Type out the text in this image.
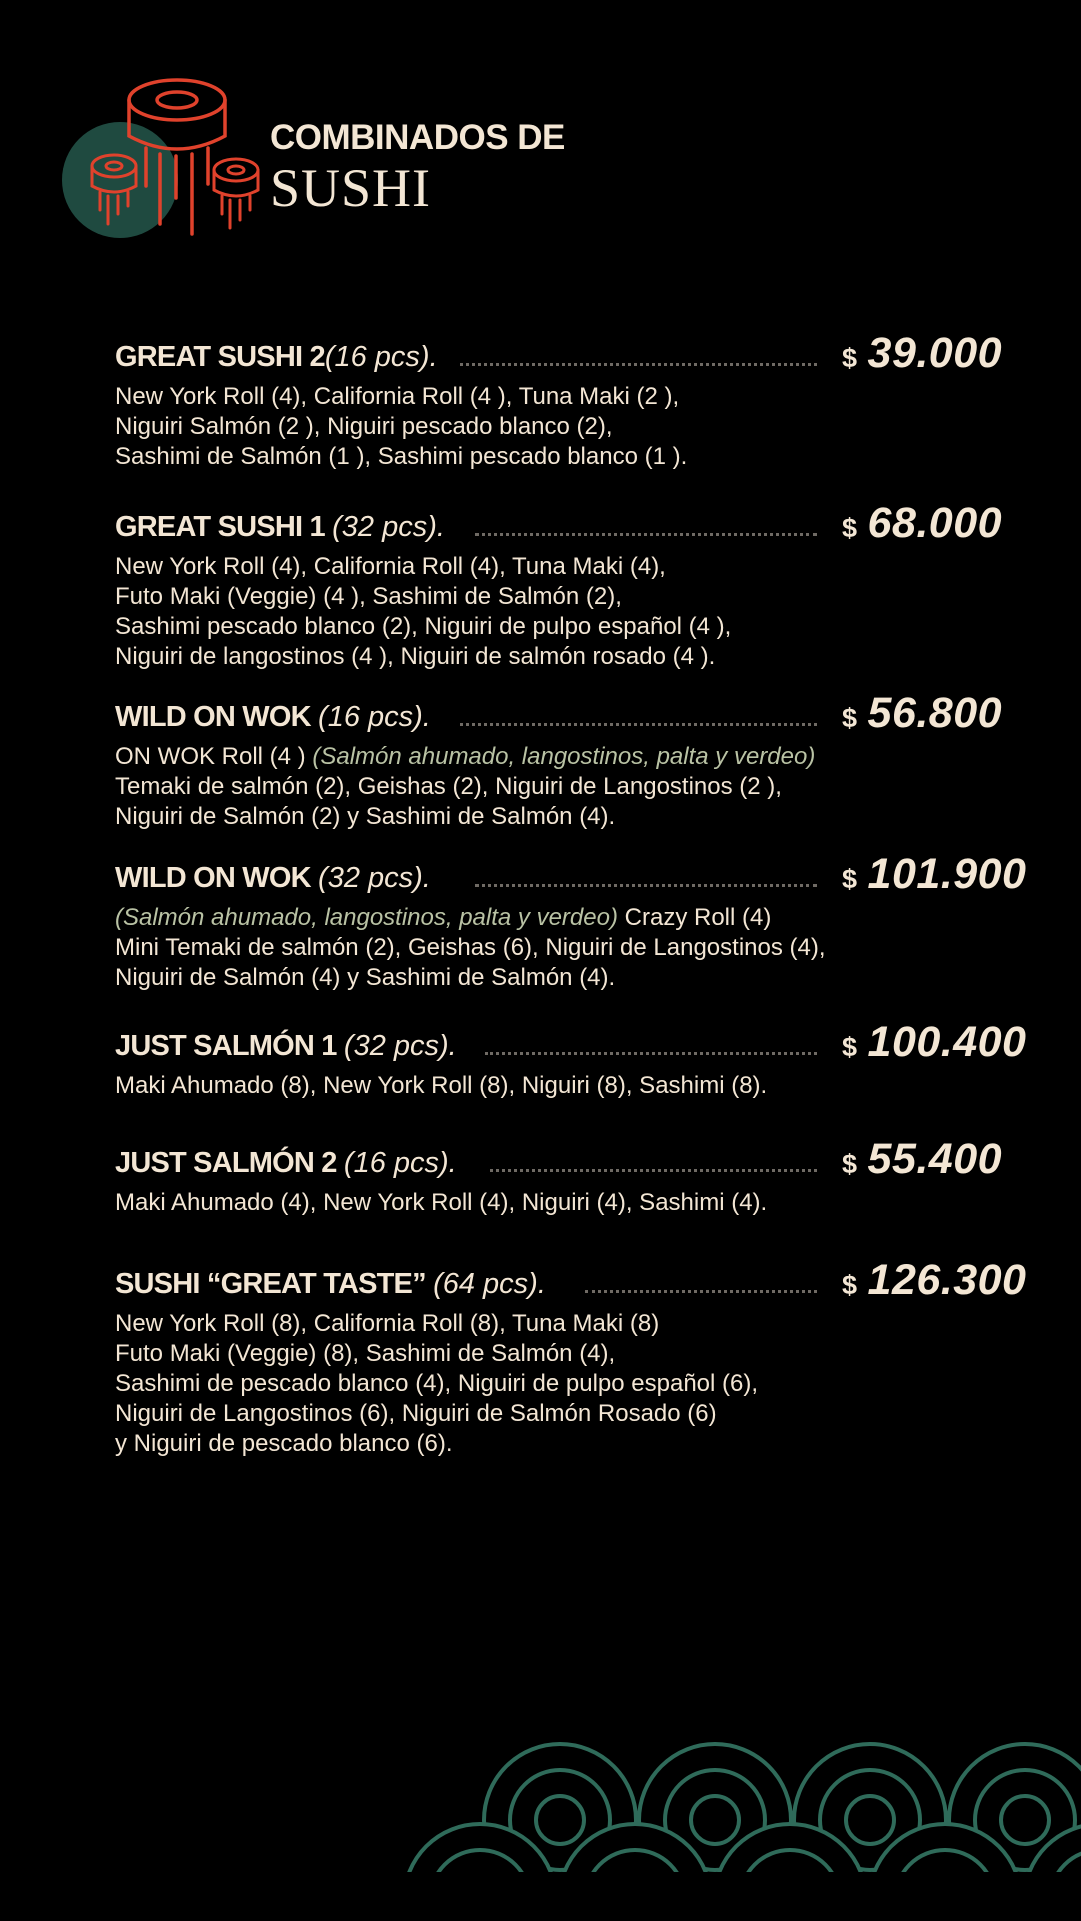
COMBINADOS DE
SUSHI
GREAT SUSHI 2(16 pcs).	$ 39.000
New York Roll (4), California Roll (4 ), Tuna Maki (2 ),
Niguiri Salmón (2 ), Niguiri pescado blanco (2),
Sashimi de Salmón (1 ), Sashimi pescado blanco (1 ).
GREAT SUSHI 1 (32 pcs).	$ 68.000
New York Roll (4), California Roll (4), Tuna Maki (4),
Futo Maki (Veggie) (4 ), Sashimi de Salmón (2),
Sashimi pescado blanco (2), Niguiri de pulpo español (4 ),
Niguiri de langostinos (4 ), Niguiri de salmón rosado (4 ).
WILD ON WOK (16 pcs).	$ 56.800
ON WOK Roll (4 ) (Salmón ahumado, langostinos, palta y verdeo)
Temaki de salmón (2), Geishas (2), Niguiri de Langostinos (2 ),
Niguiri de Salmón (2) y Sashimi de Salmón (4).
WILD ON WOK (32 pcs).	$ 101.900
(Salmón ahumado, langostinos, palta y verdeo) Crazy Roll (4)
Mini Temaki de salmón (2), Geishas (6), Niguiri de Langostinos (4),
Niguiri de Salmón (4) y Sashimi de Salmón (4).
JUST SALMÓN 1 (32 pcs).	$ 100.400
Maki Ahumado (8), New York Roll (8), Niguiri (8), Sashimi (8).
JUST SALMÓN 2 (16 pcs).	$ 55.400
Maki Ahumado (4), New York Roll (4), Niguiri (4), Sashimi (4).
SUSHI “GREAT TASTE” (64 pcs).	$ 126.300
New York Roll (8), California Roll (8), Tuna Maki (8)
Futo Maki (Veggie) (8), Sashimi de Salmón (4),
Sashimi de pescado blanco (4), Niguiri de pulpo español (6),
Niguiri de Langostinos (6), Niguiri de Salmón Rosado (6)
y Niguiri de pescado blanco (6).
